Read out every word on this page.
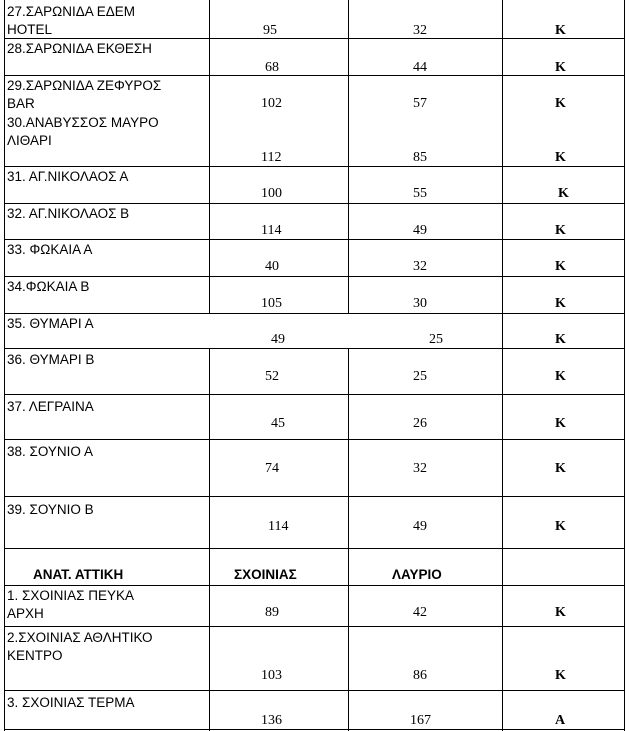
27.ΣΑΡΩΝΙΔΑ ΕΔΕΜ
HOTEL	95	32	Κ
28.ΣΑΡΩΝΙΔΑ ΕΚΘΕΣΗ
68	44	Κ
29.ΣΑΡΩΝΙΔΑ ΖΕΦΥΡΟΣ
BAR	102	57	Κ
30.ΑΝΑΒΥΣΣΟΣ ΜΑΥΡΟ
ΛΙΘΑΡΙ
112	85	Κ
31. ΑΓ.ΝΙΚΟΛΑΟΣ Α
100	55	Κ
32. ΑΓ.ΝΙΚΟΛΑΟΣ Β
114	49	Κ
33. ΦΩΚΑΙΑ Α
40	32	Κ
34.ΦΩΚΑΙΑ Β
105	30	Κ
35. ΘΥΜΑΡΙ Α
49	25	Κ
36. ΘΥΜΑΡΙ Β
52	25	Κ
37. ΛΕΓΡΑΙΝΑ
45	26	Κ
38. ΣΟΥΝΙΟ Α
74	32	Κ
39. ΣΟΥΝΙΟ Β
114	49	Κ
ΑΝΑΤ. ΑΤΤΙΚΗ	ΣΧΟΙΝΙΑΣ	ΛΑΥΡΙΟ
1. ΣΧΟΙΝΙΑΣ ΠΕΥΚΑ
ΑΡΧΗ	89	42	Κ
2.ΣΧΟΙΝΙΑΣ ΑΘΛΗΤΙΚΟ
ΚΕΝΤΡΟ
103	86	Κ
3. ΣΧΟΙΝΙΑΣ ΤΕΡΜΑ
136	167	Α
